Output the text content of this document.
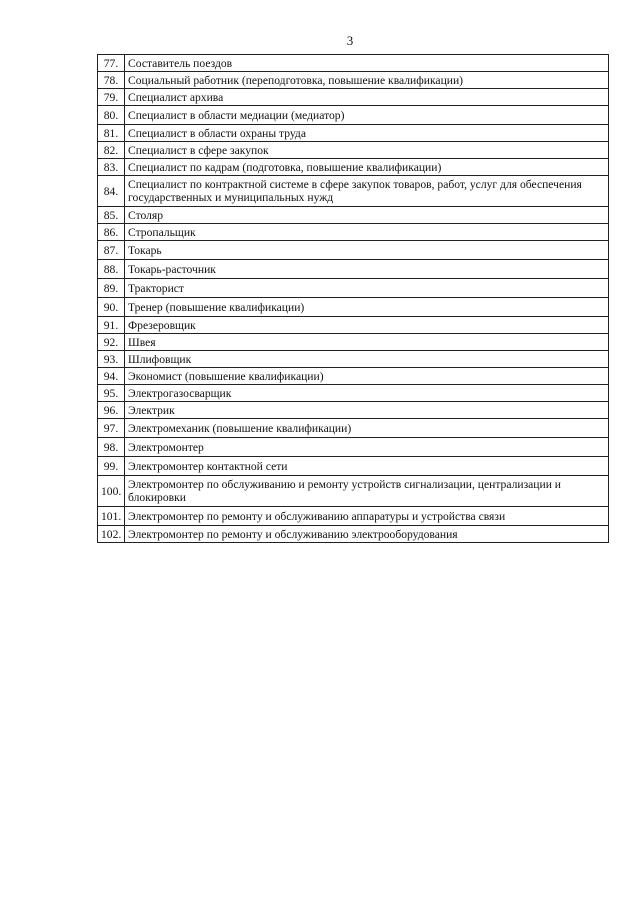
3
77.	Составитель поездов
78.	Социальный работник (переподготовка, повышение квалификации)
79.	Специалист архива
80.	Специалист в области медиации (медиатор)
81.	Специалист в области охраны труда
82.	Специалист в сфере закупок
83.	Специалист по кадрам (подготовка, повышение квалификации)
84.	Специалист по контрактной системе в сфере закупок товаров, работ, услуг для обеспечения государственных и муниципальных нужд
85.	Столяр
86.	Стропальщик
87.	Токарь
88.	Токарь-расточник
89.	Тракторист
90.	Тренер (повышение квалификации)
91.	Фрезеровщик
92.	Швея
93.	Шлифовщик
94.	Экономист (повышение квалификации)
95.	Электрогазосварщик
96.	Электрик
97.	Электромеханик (повышение квалификации)
98.	Электромонтер
99.	Электромонтер контактной сети
100.	Электромонтер по обслуживанию и ремонту устройств сигнализации, централизации и блокировки
101.	Электромонтер по ремонту и обслуживанию аппаратуры и устройства связи
102.	Электромонтер по ремонту и обслуживанию электрооборудования
